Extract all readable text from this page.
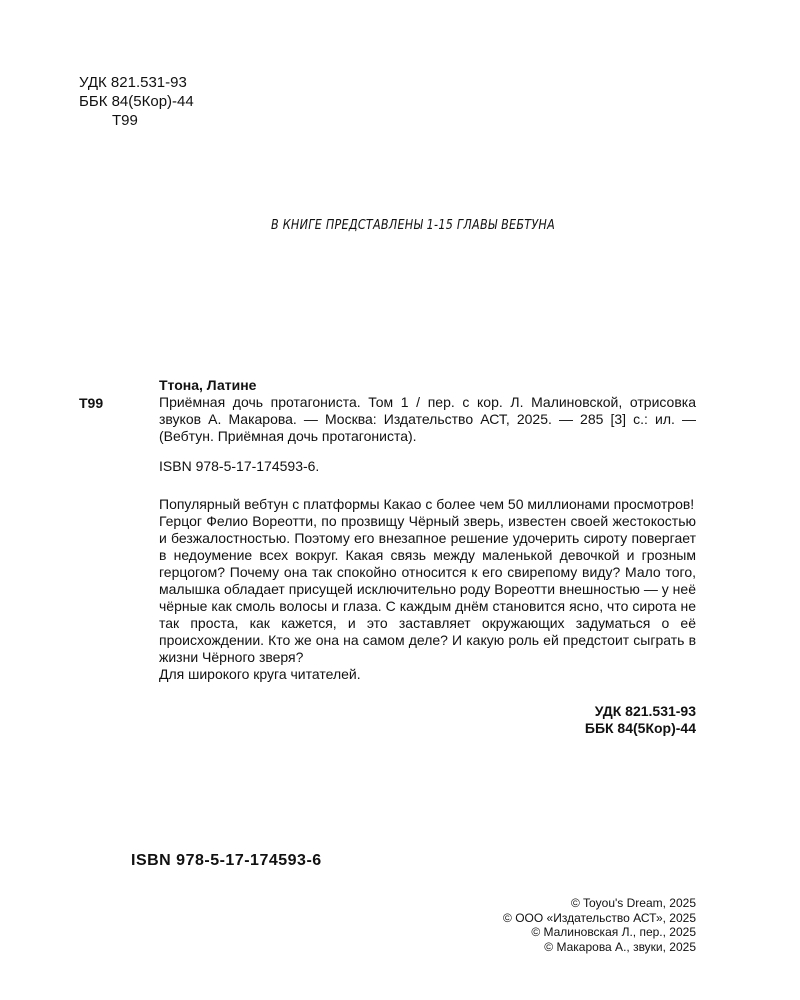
УДК 821.531-93
ББК 84(5Кор)-44
Т99
В КНИГЕ ПРЕДСТАВЛЕНЫ 1-15 ГЛАВЫ ВЕБТУНА
Т99
Ттона, Латине
Приёмная дочь протагониста. Том 1 / пер. с кор. Л. Малиновской, отрисовка звуков А. Макарова. — Москва: Издательство АСТ, 2025. — 285 [3] с.: ил. — (Вебтун. Приёмная дочь протагониста).
ISBN 978-5-17-174593-6.

Популярный вебтун с платформы Какао с более чем 50 миллионами просмотров!

Герцог Фелио Вореотти, по прозвищу Чёрный зверь, известен своей жестокостью и безжалостностью. Поэтому его внезапное решение удочерить сироту повергает в недоумение всех вокруг. Какая связь между маленькой девочкой и грозным герцогом? Почему она так спокойно относится к его свирепому виду? Мало того, малышка обладает присущей исключительно роду Вореотти внешностью — у неё чёрные как смоль волосы и глаза. С каждым днём становится ясно, что сирота не так проста, как кажется, и это заставляет окружающих задуматься о её происхождении. Кто же она на самом деле? И какую роль ей предстоит сыграть в жизни Чёрного зверя?

Для широкого круга читателей.

УДК 821.531-93
ББК 84(5Кор)-44
ISBN 978-5-17-174593-6
© Toyou's Dream, 2025
© ООО «Издательство АСТ», 2025
© Малиновская Л., пер., 2025
© Макарова А., звуки, 2025
